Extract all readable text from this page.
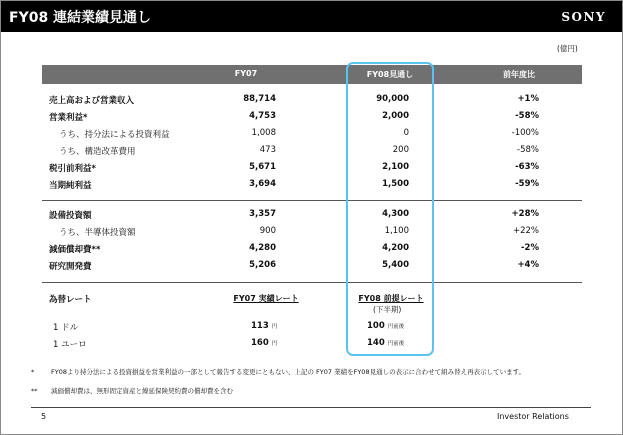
FY08 連結業績見通し	SONY
(億円)
FY07	FY08見通し	前年度比
売上高および営業収入	88,714	90,000	+1%
営業利益*	4,753	2,000	-58%
うち、持分法による投資利益	1,008	0	-100%
うち、構造改革費用	473	200	-58%
税引前利益*	5,671	2,100	-63%
当期純利益	3,694	1,500	-59%
設備投資額	3,357	4,300	+28%
うち、半導体投資額	900	1,100	+22%
減価償却費**	4,280	4,200	-2%
研究開発費	5,206	5,400	+4%
為替レート	FY07 実績レート	FY08 前提レート
(下半期)
1 ドル	113 円	100 円前後
1 ユーロ	160 円	140 円前後
*	FY08より持分法による投資損益を営業利益の一部として報告する変更にともない、上記の FY07 業績をFY08見通しの表示に合わせて組み替え再表示しています。
** 減価償却費は、無形固定資産と繰延保険契約費の償却費を含む
5	Investor Relations
